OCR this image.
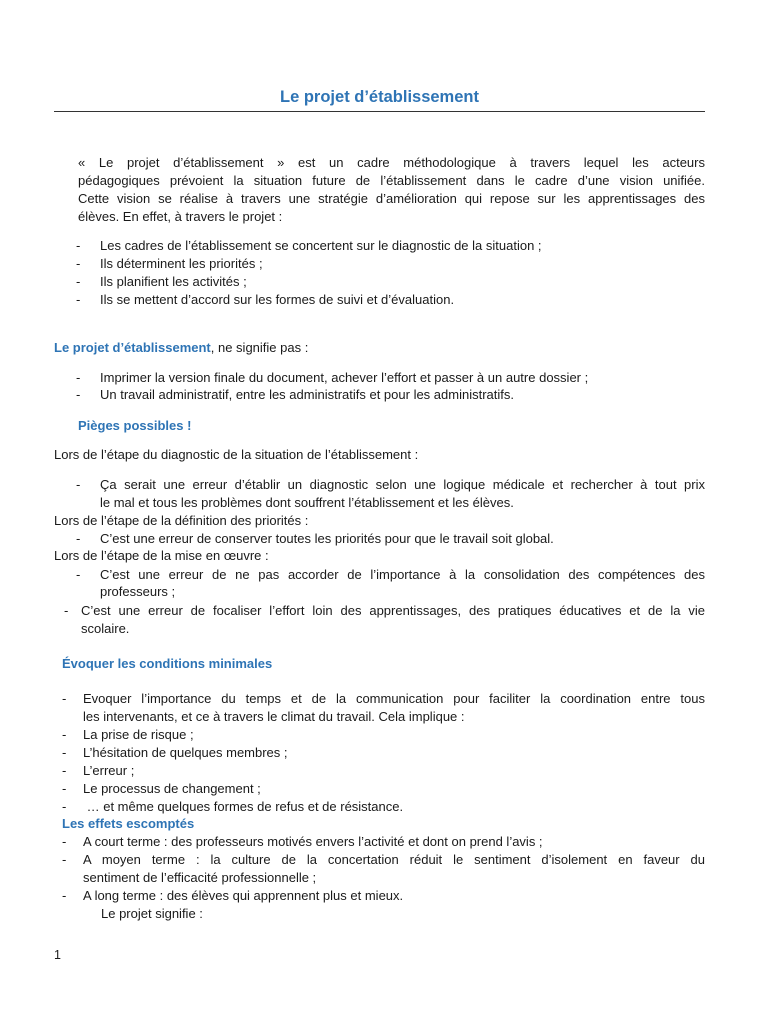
Le projet d’établissement
« Le projet d’établissement » est un cadre méthodologique à travers lequel les acteurs
pédagogiques prévoient la situation future de l’établissement dans le cadre d’une vision unifiée.
Cette vision se réalise à travers une stratégie d’amélioration qui repose sur les apprentissages des
élèves. En effet, à travers le projet :
- Les cadres de l’établissement se concertent sur le diagnostic de la situation ;
- Ils déterminent les priorités ;
- Ils planifient les activités ;
- Ils se mettent d’accord sur les formes de suivi et d’évaluation.
Le projet d’établissement, ne signifie pas :
- Imprimer la version finale du document, achever l’effort et passer à un autre dossier ;
- Un travail administratif, entre les administratifs et pour les administratifs.
Pièges possibles !
Lors de l’étape du diagnostic de la situation de l’établissement :
- Ça serait une erreur d’établir un diagnostic selon une logique médicale et rechercher à tout prix
le mal et tous les problèmes dont souffrent l’établissement et les élèves.
Lors de l’étape de la définition des priorités :
- C’est une erreur de conserver toutes les priorités pour que le travail soit global.
Lors de l’étape de la mise en œuvre :
- C’est une erreur de ne pas accorder de l’importance à la consolidation des compétences des
professeurs ;
- C’est une erreur de focaliser l’effort loin des apprentissages, des pratiques éducatives et de la vie
scolaire.
Évoquer les conditions minimales
- Evoquer l’importance du temps et de la communication pour faciliter la coordination entre tous
les intervenants, et ce à travers le climat du travail. Cela implique :
- La prise de risque ;
- L’hésitation de quelques membres ;
- L’erreur ;
- Le processus de changement ;
- … et même quelques formes de refus et de résistance.
Les effets escomptés
- A court terme : des professeurs motivés envers l’activité et dont on prend l’avis ;
- A moyen terme : la culture de la concertation réduit le sentiment d’isolement en faveur du
sentiment de l’efficacité professionnelle ;
- A long terme : des élèves qui apprennent plus et mieux.
Le projet signifie :
1
